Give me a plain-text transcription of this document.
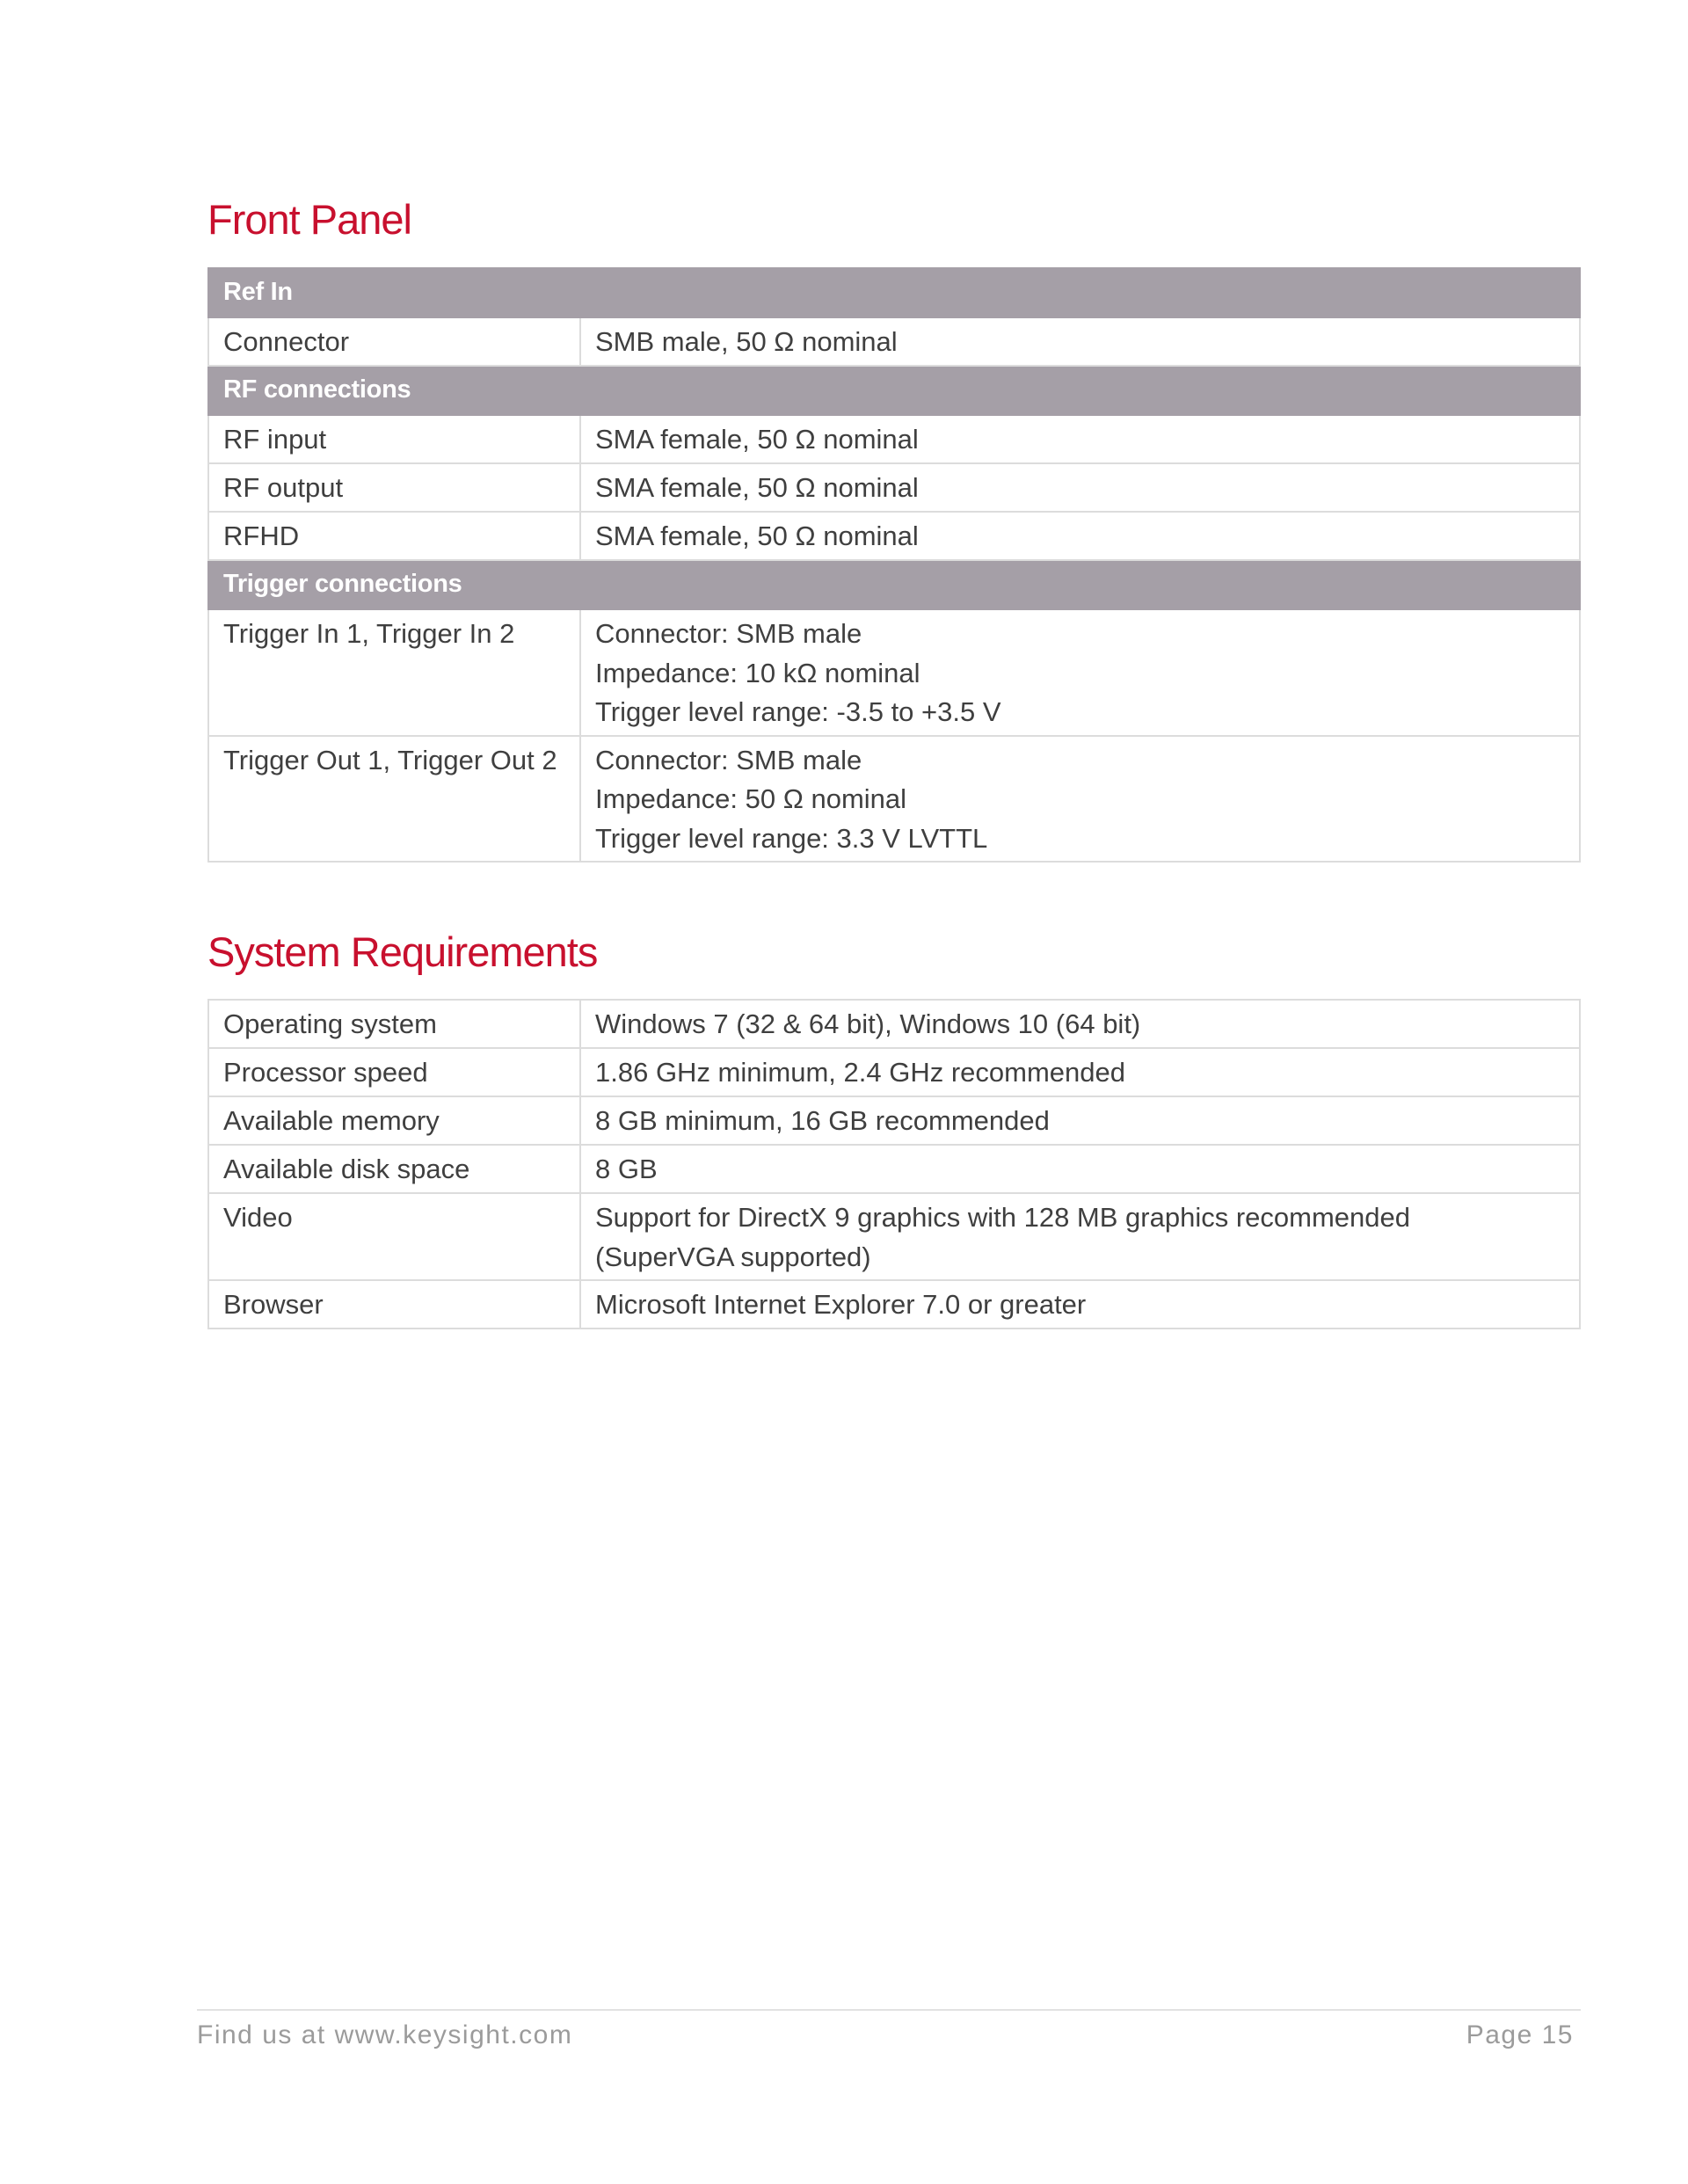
Front Panel
Ref In	
Connector	SMB male, 50 Ω nominal

RF connections	
RF input	SMA female, 50 Ω nominal

RF output	SMA female, 50 Ω nominal

RFHD	SMA female, 50 Ω nominal

Trigger connections	
Trigger In 1, Trigger In 2	Connector: SMB male
Impedance: 10 kΩ nominal
Trigger level range: -3.5 to +3.5 V

Trigger Out 1, Trigger Out 2	Connector: SMB male
Impedance: 50 Ω nominal
Trigger level range: 3.3 V LVTTL
System Requirements
Operating system	Windows 7 (32 & 64 bit), Windows 10 (64 bit)

Processor speed	1.86 GHz minimum, 2.4 GHz recommended

Available memory	8 GB minimum, 16 GB recommended

Available disk space	8 GB

Video	Support for DirectX 9 graphics with 128 MB graphics recommended
(SuperVGA supported)

Browser	Microsoft Internet Explorer 7.0 or greater
Find us at www.keysight.com	Page 15
